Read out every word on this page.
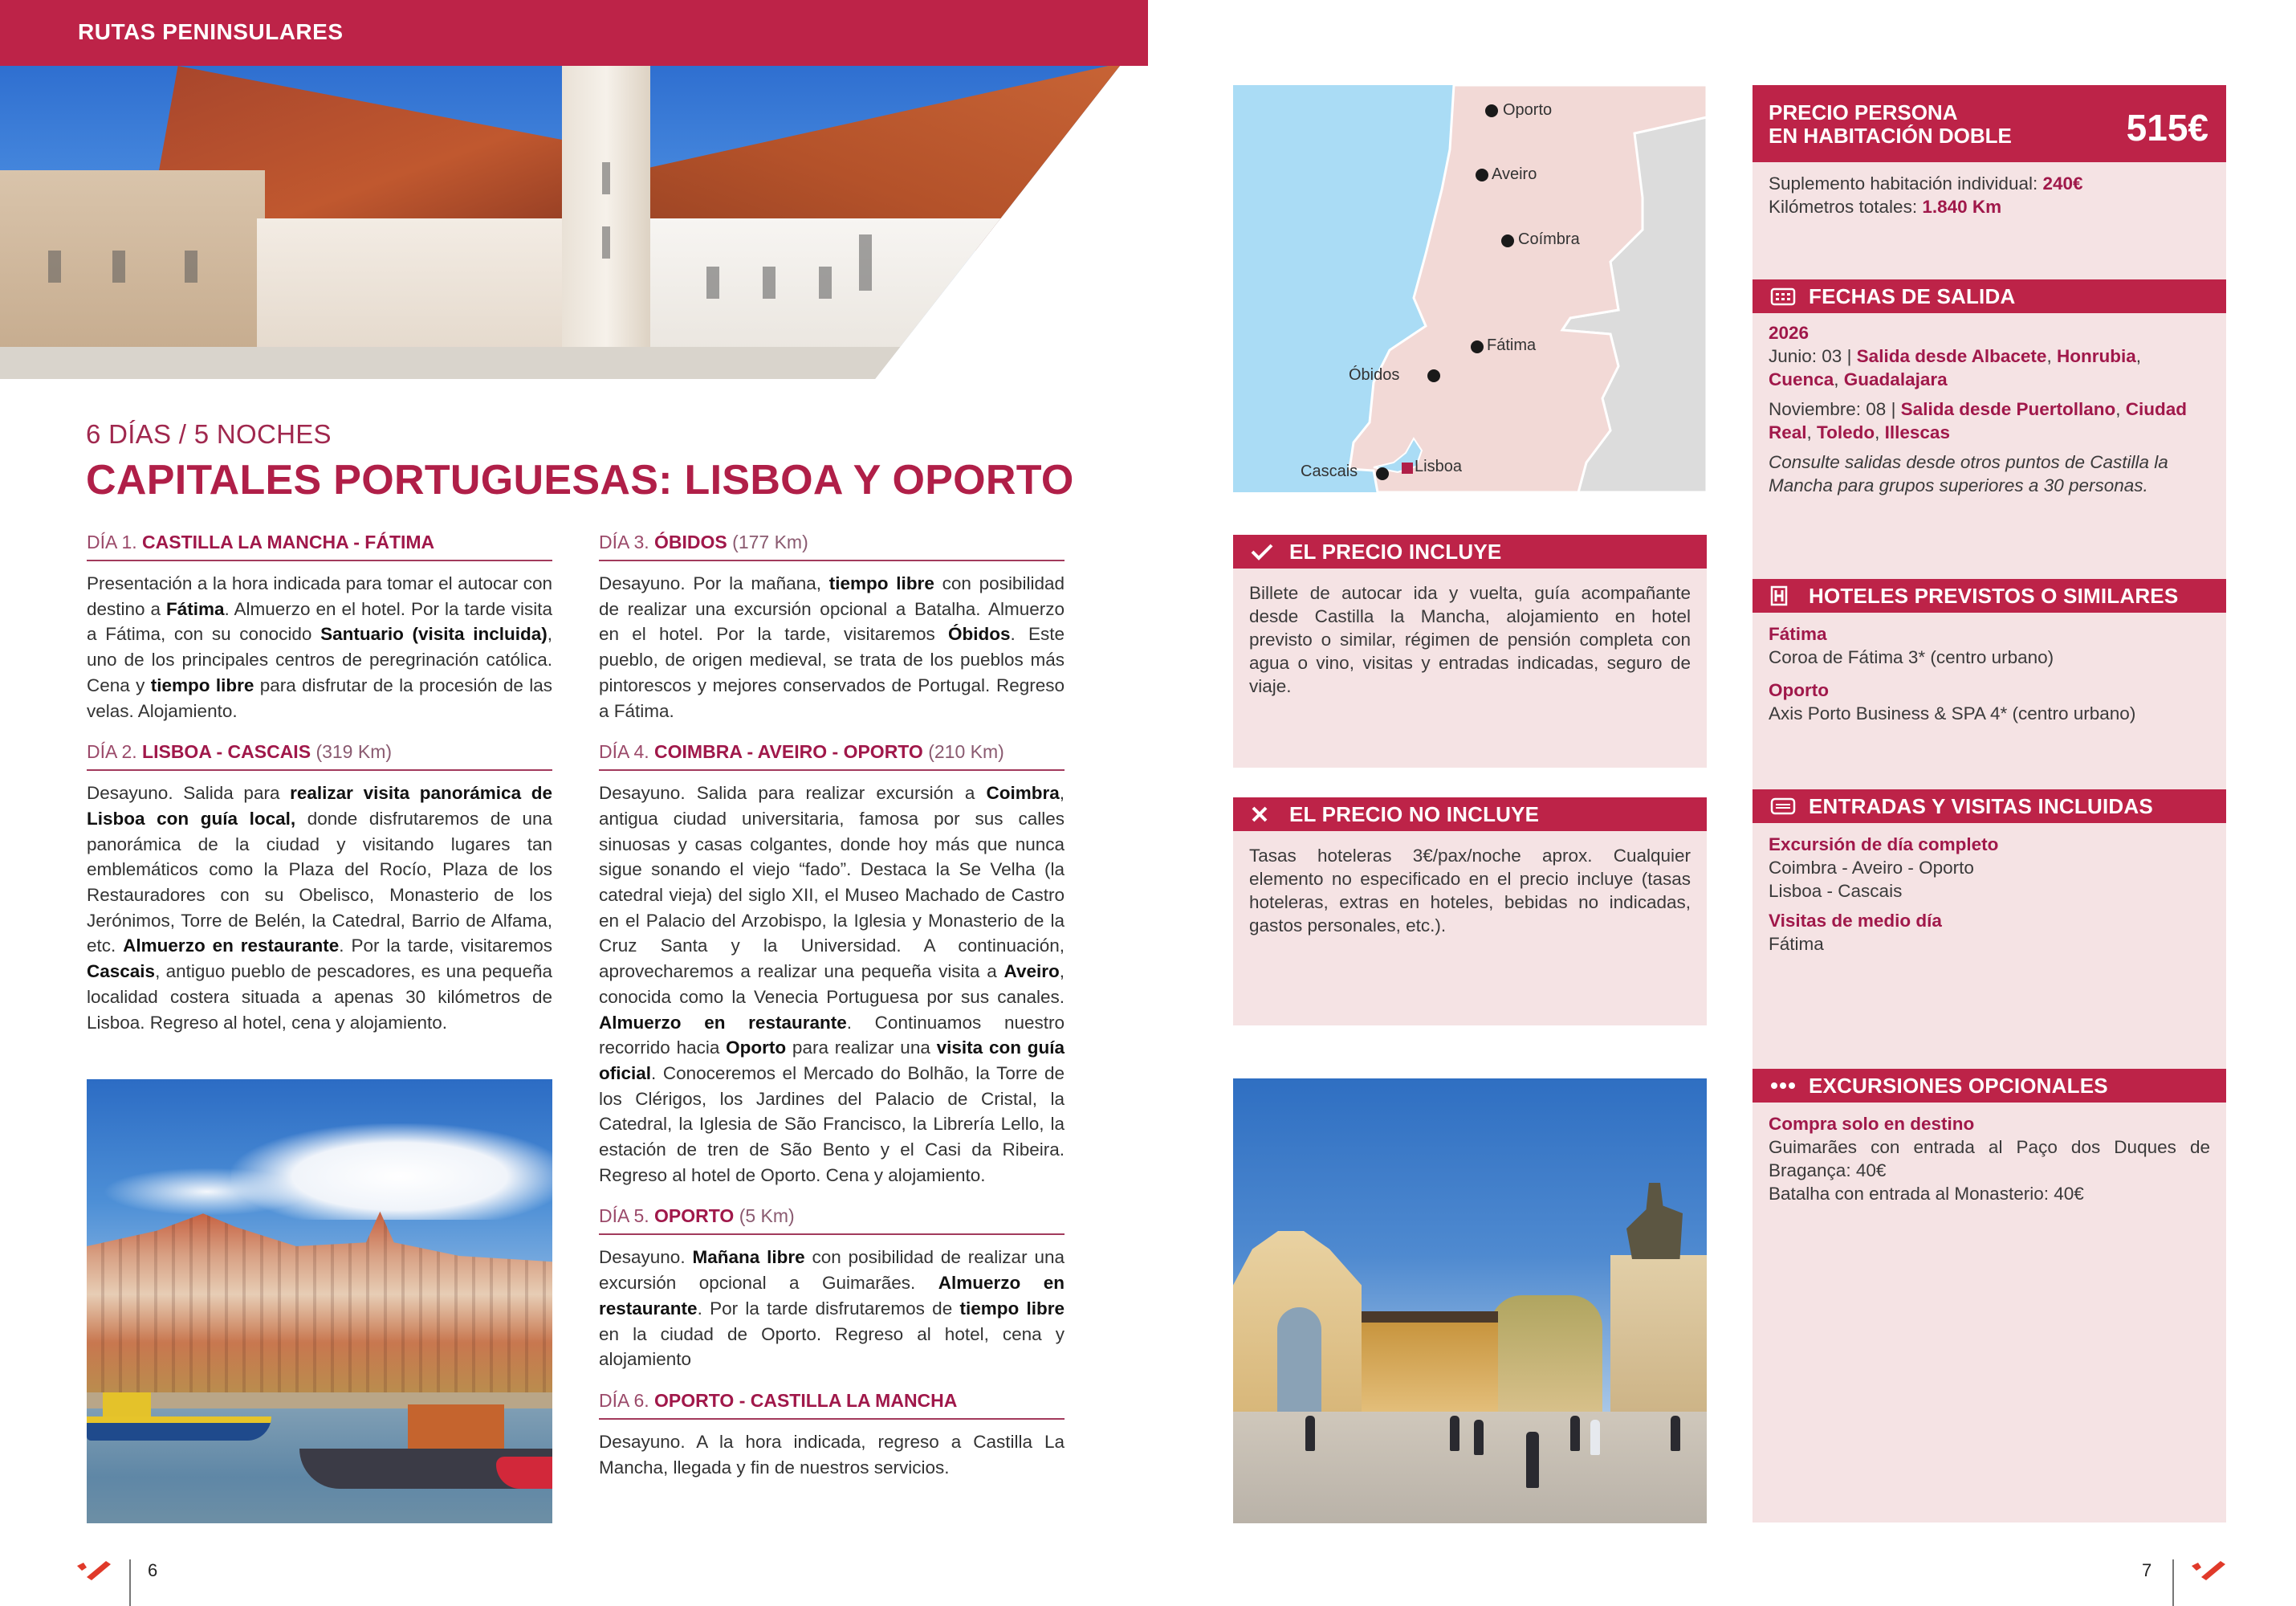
RUTAS PENINSULARES
6 DÍAS / 5 NOCHES
CAPITALES PORTUGUESAS: LISBOA Y OPORTO
DÍA 1. CASTILLA LA MANCHA - FÁTIMA
Presentación a la hora indicada para tomar el autocar con destino a Fátima. Almuerzo en el hotel. Por la tarde visita a Fátima, con su conocido Santuario (visita incluida), uno de los principales centros de peregrinación católica. Cena y tiempo libre para disfrutar de la procesión de las velas. Alojamiento.
DÍA 2. LISBOA - CASCAIS (319 Km)
Desayuno. Salida para realizar visita panorámica de Lisboa con guía local, donde disfrutaremos de una panorámica de la ciudad y visitando lugares tan emblemáticos como la Plaza del Rocío, Plaza de los Restauradores con su Obelisco, Monasterio de los Jerónimos, Torre de Belén, la Catedral, Barrio de Alfama, etc. Almuerzo en restaurante. Por la tarde, visitaremos Cascais, antiguo pueblo de pescadores, es una pequeña localidad costera situada a apenas 30 kilómetros de Lisboa. Regreso al hotel, cena y alojamiento.
DÍA 3. ÓBIDOS (177 Km)
Desayuno. Por la mañana, tiempo libre con posibilidad de realizar una excursión opcional a Batalha. Almuerzo en el hotel. Por la tarde, visitaremos Óbidos. Este pueblo, de origen medieval, se trata de los pueblos más pintorescos y mejores conservados de Portugal. Regreso a Fátima.
DÍA 4. COIMBRA - AVEIRO - OPORTO (210 Km)
Desayuno. Salida para realizar excursión a Coimbra, antigua ciudad universitaria, famosa por sus calles sinuosas y casas colgantes, donde hoy más que nunca sigue sonando el viejo “fado”. Destaca la Se Velha (la catedral vieja) del siglo XII, el Museo Machado de Castro en el Palacio del Arzobispo, la Iglesia y Monasterio de la Cruz Santa y la Universidad. A continuación, aprovecharemos a realizar una pequeña visita a Aveiro, conocida como la Venecia Portuguesa por sus canales. Almuerzo en restaurante. Continuamos nuestro recorrido hacia Oporto para realizar una visita con guía oficial. Conoceremos el Mercado do Bolhão, la Torre de los Clérigos, los Jardines del Palacio de Cristal, la Catedral, la Iglesia de São Francisco, la Librería Lello, la estación de tren de São Bento y el Casi da Ribeira. Regreso al hotel de Oporto. Cena y alojamiento.
DÍA 5. OPORTO (5 Km)
Desayuno. Mañana libre con posibilidad de realizar una excursión opcional a Guimarães. Almuerzo en restaurante. Por la tarde disfrutaremos de tiempo libre en la ciudad de Oporto. Regreso al hotel, cena y alojamiento
DÍA 6. OPORTO - CASTILLA LA MANCHA
Desayuno. A la hora indicada, regreso a Castilla La Mancha, llegada y fin de nuestros servicios.
6
Oporto
Aveiro
Coímbra
Fátima
Óbidos
Lisboa
Cascais
EL PRECIO INCLUYE
Billete de autocar ida y vuelta, guía acompañante desde Castilla la Mancha, alojamiento en hotel previsto o similar, régimen de pensión completa con agua o vino, visitas y entradas indicadas, seguro de viaje.
EL PRECIO NO INCLUYE
Tasas hoteleras 3€/pax/noche aprox. Cualquier elemento no especificado en el precio incluye (tasas hoteleras, extras en hoteles, bebidas no indicadas, gastos personales, etc.).
PRECIO PERSONA
EN HABITACIÓN DOBLE	515€
Suplemento habitación individual: 240€
Kilómetros totales: 1.840 Km
FECHAS DE SALIDA
2026
Junio: 03 | Salida desde Albacete, Honrubia, Cuenca, Guadalajara
Noviembre: 08 | Salida desde Puertollano, Ciudad Real, Toledo, Illescas
Consulte salidas desde otros puntos de Castilla la Mancha para grupos superiores a 30 personas.
HOTELES PREVISTOS O SIMILARES
Fátima
Coroa de Fátima 3* (centro urbano)
Oporto
Axis Porto Business & SPA 4* (centro urbano)
ENTRADAS Y VISITAS INCLUIDAS
Excursión de día completo
Coimbra - Aveiro - Oporto
Lisboa - Cascais
Visitas de medio día
Fátima
EXCURSIONES OPCIONALES
Compra solo en destino
Guimarães con entrada al Paço dos Duques de Bragança: 40€
Batalha con entrada al Monasterio: 40€
7
